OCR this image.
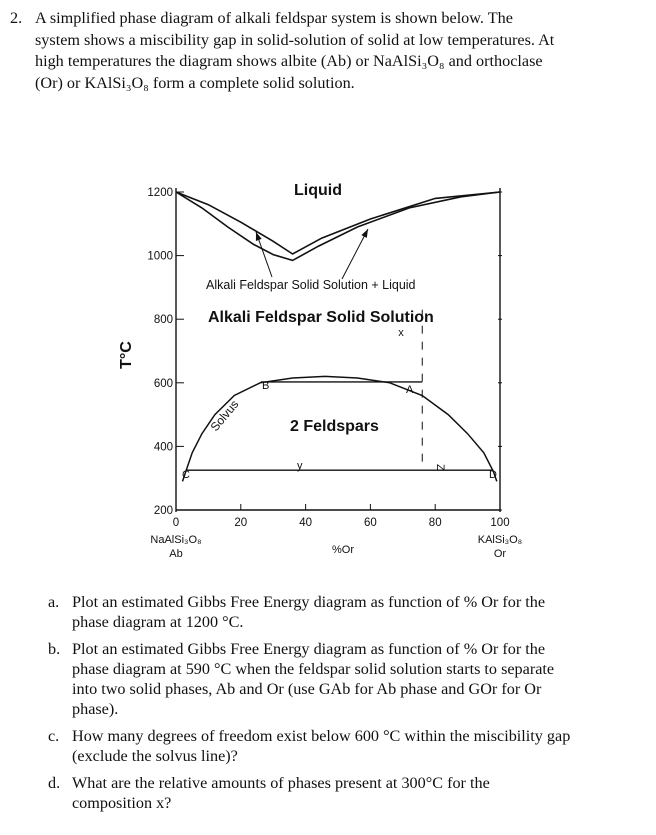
2. A simplified phase diagram of alkali feldspar system is shown below. The

system shows a miscibility gap in solid-solution of solid at low temperatures. At

high temperatures the diagram shows albite (Ab) or NaAlSi₃O₈ and orthoclase

(Or) or KAlSi₃O₈ form a complete solid solution.

200
400
600
800
1000
1200
0	20	40	60	80	100
Liquid
Alkali Feldspar Solid Solution + Liquid
Alkali Feldspar Solid Solution
2 Feldspars
Solvus
x
A
B
C	D
y	Z
T°C
%Or
NaAlSi₃O₈
Ab
KAlSi₃O₈
Or
a. Plot an estimated Gibbs Free Energy diagram as function of % Or for the
phase diagram at 1200 °C.
b. Plot an estimated Gibbs Free Energy diagram as function of % Or for the
phase diagram at 590 °C when the feldspar solid solution starts to separate
into two solid phases, Ab and Or (use GAb for Ab phase and GOr for Or
phase).
c. How many degrees of freedom exist below 600 °C within the miscibility gap
(exclude the solvus line)?
d. What are the relative amounts of phases present at 300°C for the
composition x?
